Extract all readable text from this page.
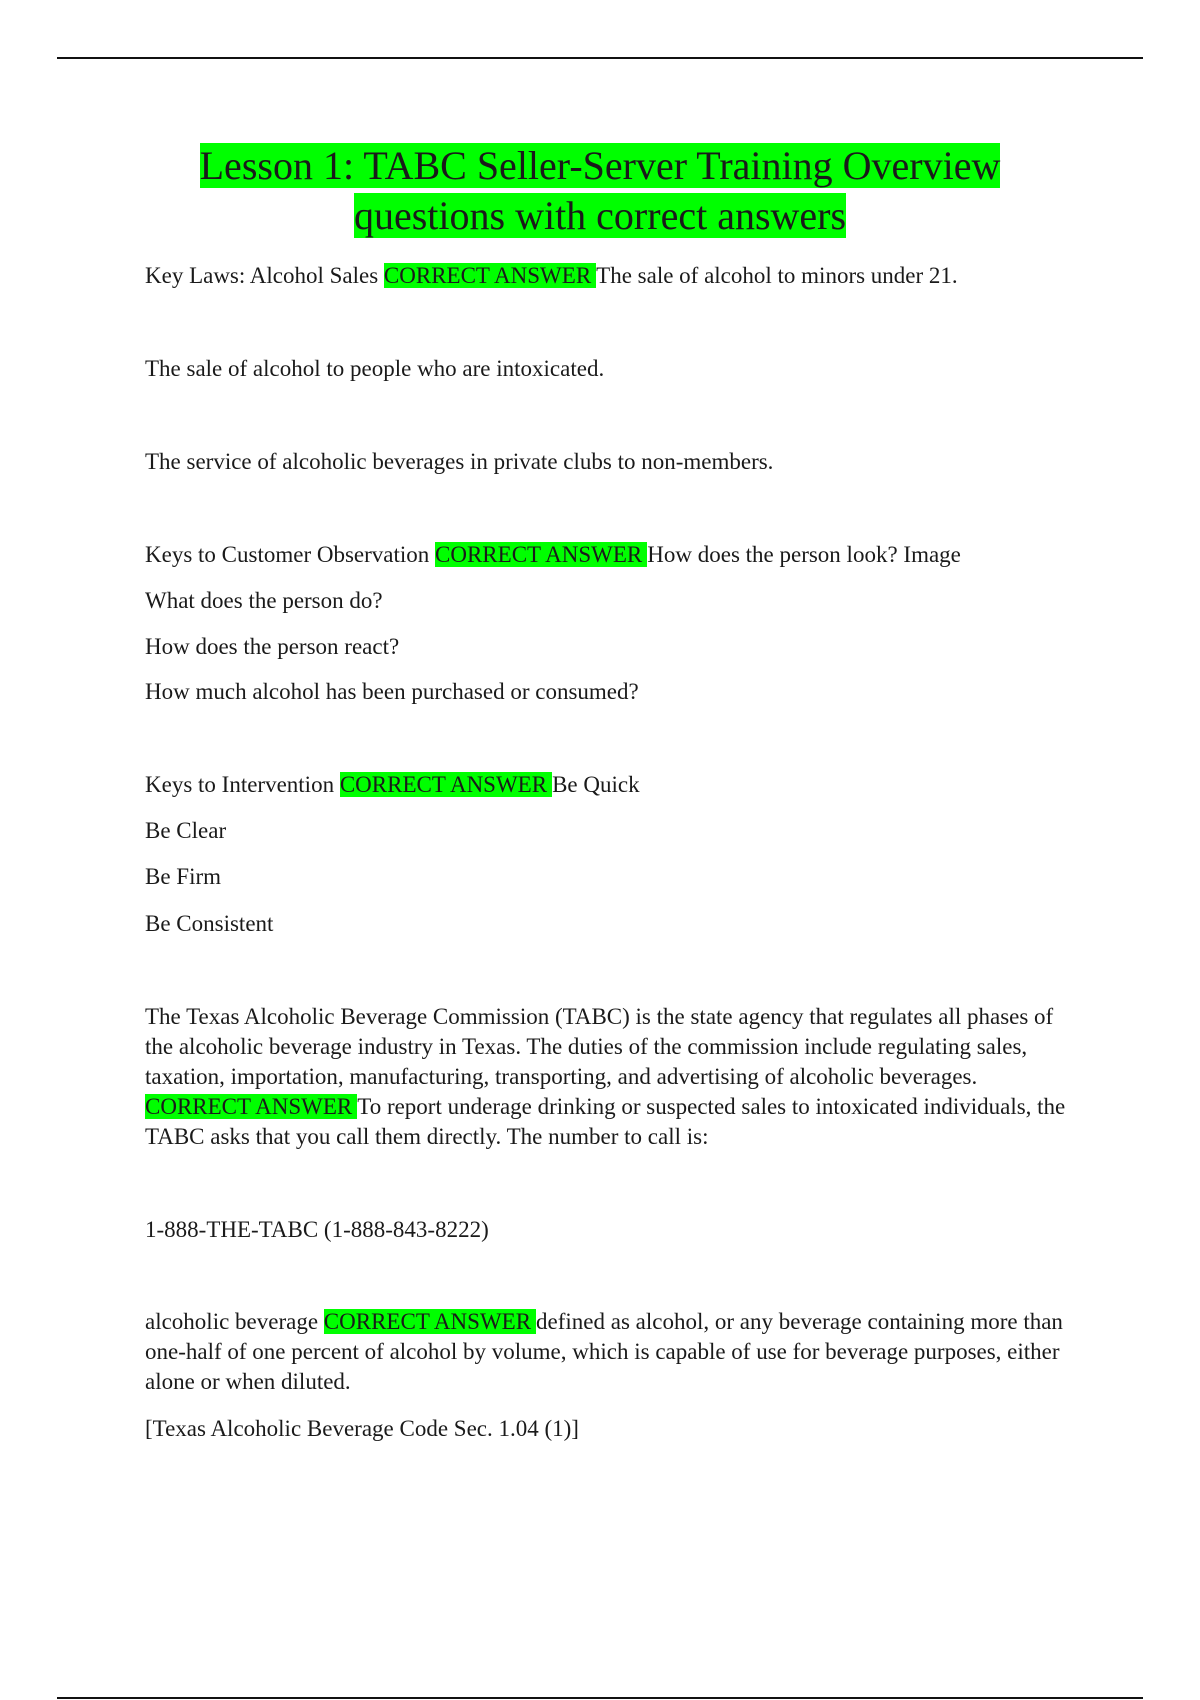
Lesson 1: TABC Seller-Server Training Overview
questions with correct answers

Key Laws: Alcohol Sales CORRECT ANSWER The sale of alcohol to minors under 21.

The sale of alcohol to people who are intoxicated.

The service of alcoholic beverages in private clubs to non-members.

Keys to Customer Observation CORRECT ANSWER How does the person look? Image

What does the person do?

How does the person react?

How much alcohol has been purchased or consumed?

Keys to Intervention CORRECT ANSWER Be Quick

Be Clear

Be Firm

Be Consistent

The Texas Alcoholic Beverage Commission (TABC) is the state agency that regulates all phases of the alcoholic beverage industry in Texas. The duties of the commission include regulating sales, taxation, importation, manufacturing, transporting, and advertising of alcoholic beverages. CORRECT ANSWER To report underage drinking or suspected sales to intoxicated individuals, the TABC asks that you call them directly. The number to call is:

1-888-THE-TABC (1-888-843-8222)

alcoholic beverage CORRECT ANSWER defined as alcohol, or any beverage containing more than one-half of one percent of alcohol by volume, which is capable of use for beverage purposes, either alone or when diluted.

[Texas Alcoholic Beverage Code Sec. 1.04 (1)]
